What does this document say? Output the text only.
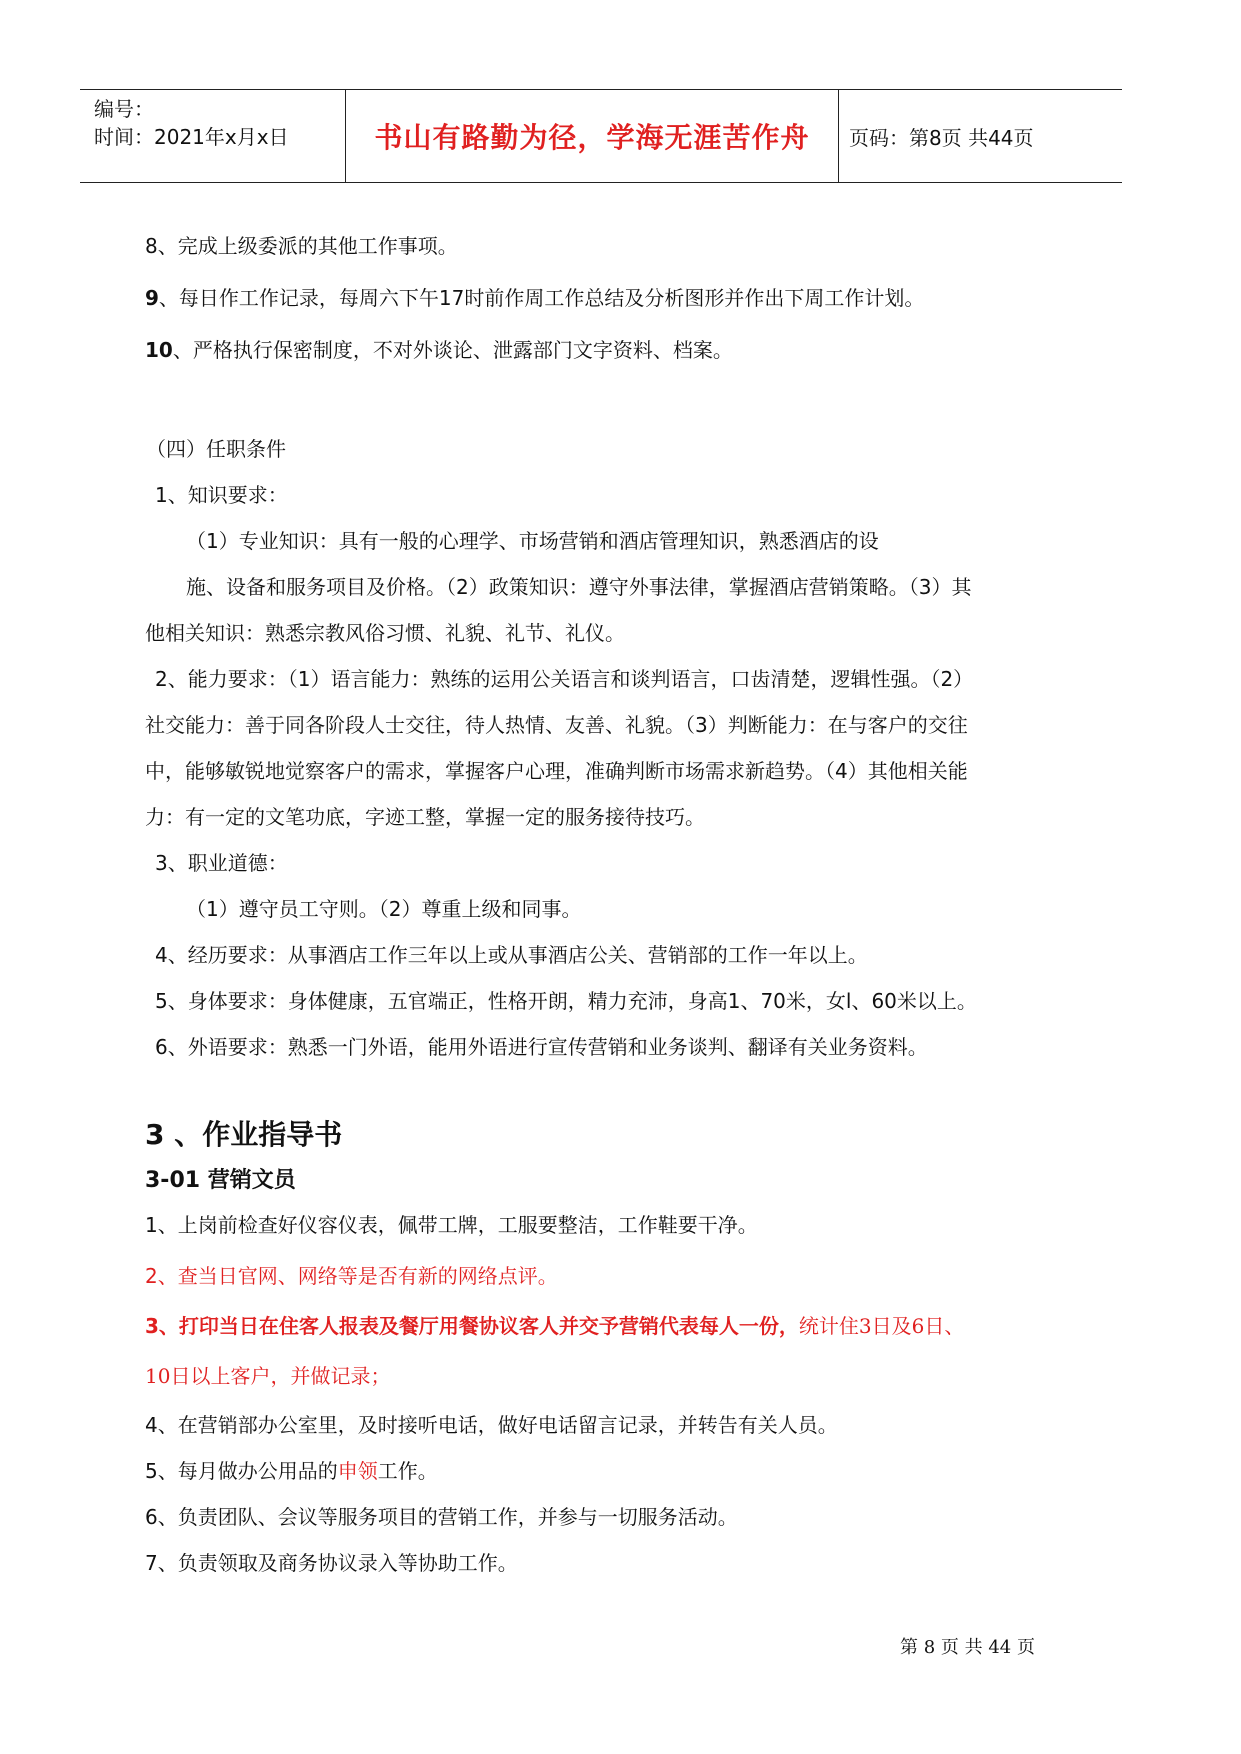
编号：
时间：2021年x月x日	书山有路勤为径，学海无涯苦作舟 页码：第8页 共44页
8、完成上级委派的其他工作事项。
9、每日作工作记录，每周六下午17时前作周工作总结及分析图形并作出下周工作计划。
10、严格执行保密制度，不对外谈论、泄露部门文字资料、档案。
（四）任职条件
1、知识要求：
（1）专业知识：具有一般的心理学、市场营销和酒店管理知识，熟悉酒店的设
施、设备和服务项目及价格。（2）政策知识：遵守外事法律，掌握酒店营销策略。（3）其
他相关知识：熟悉宗教风俗习惯、礼貌、礼节、礼仪。
2、能力要求：（1）语言能力：熟练的运用公关语言和谈判语言，口齿清楚，逻辑性强。（2）
社交能力：善于同各阶段人士交往，待人热情、友善、礼貌。（3）判断能力：在与客户的交往
中，能够敏锐地觉察客户的需求，掌握客户心理，准确判断市场需求新趋势。（4）其他相关能
力：有一定的文笔功底，字迹工整，掌握一定的服务接待技巧。
3、职业道德：
（1）遵守员工守则。（2）尊重上级和同事。
4、经历要求：从事酒店工作三年以上或从事酒店公关、营销部的工作一年以上。
5、身体要求：身体健康，五官端正，性格开朗，精力充沛，身高1、70米，女l、60米以上。
6、外语要求：熟悉一门外语，能用外语进行宣传营销和业务谈判、翻译有关业务资料。
3 、作业指导书
3-01 营销文员
1、上岗前检查好仪容仪表，佩带工牌，工服要整洁，工作鞋要干净。
2、查当日官网、网络等是否有新的网络点评。
3、打印当日在住客人报表及餐厅用餐协议客人并交予营销代表每人一份，统计住3日及6日、
10日以上客户，并做记录；
4、在营销部办公室里，及时接听电话，做好电话留言记录，并转告有关人员。
5、每月做办公用品的申领工作。
6、负责团队、会议等服务项目的营销工作，并参与一切服务活动。
7、负责领取及商务协议录入等协助工作。
第 8 页 共 44 页
